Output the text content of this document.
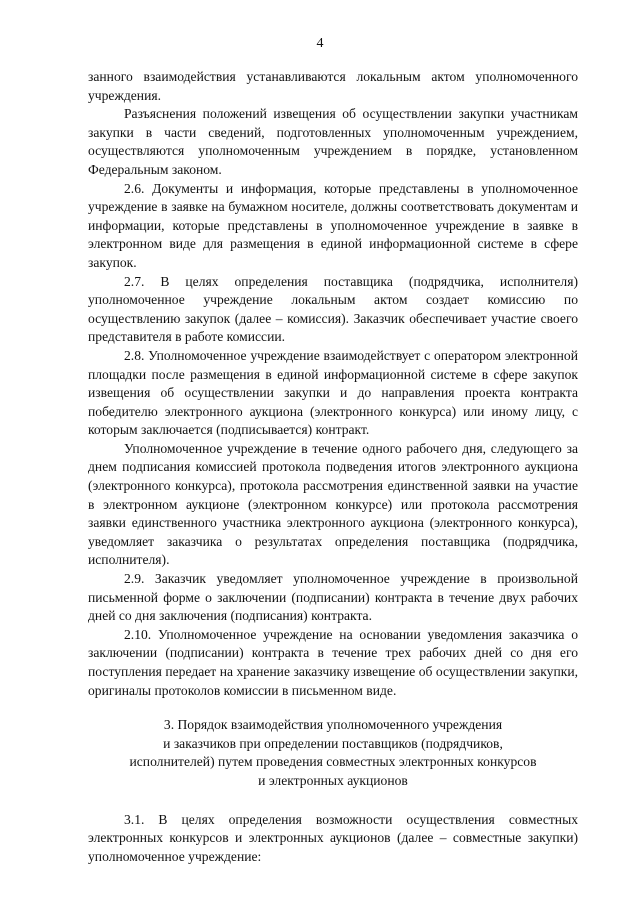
4

занного взаимодействия устанавливаются локальным актом уполномоченного учреждения.

Разъяснения положений извещения об осуществлении закупки участникам закупки в части сведений, подготовленных уполномоченным учреждением, осуществляются уполномоченным учреждением в порядке, установленном Федеральным законом.

2.6. Документы и информация, которые представлены в уполномоченное учреждение в заявке на бумажном носителе, должны соответствовать документам и информации, которые представлены в уполномоченное учреждение в заявке в электронном виде для размещения в единой информационной системе в сфере закупок.

2.7. В целях определения поставщика (подрядчика, исполнителя) уполномоченное учреждение локальным актом создает комиссию по осуществлению закупок (далее – комиссия). Заказчик обеспечивает участие своего представителя в работе комиссии.

2.8. Уполномоченное учреждение взаимодействует с оператором электронной площадки после размещения в единой информационной системе в сфере закупок извещения об осуществлении закупки и до направления проекта контракта победителю электронного аукциона (электронного конкурса) или иному лицу, с которым заключается (подписывается) контракт.

Уполномоченное учреждение в течение одного рабочего дня, следующего за днем подписания комиссией протокола подведения итогов электронного аукциона (электронного конкурса), протокола рассмотрения единственной заявки на участие в электронном аукционе (электронном конкурсе) или протокола рассмотрения заявки единственного участника электронного аукциона (электронного конкурса), уведомляет заказчика о результатах определения поставщика (подрядчика, исполнителя).

2.9. Заказчик уведомляет уполномоченное учреждение в произвольной письменной форме о заключении (подписании) контракта в течение двух рабочих дней со дня заключения (подписания) контракта.

2.10. Уполномоченное учреждение на основании уведомления заказчика о заключении (подписании) контракта в течение трех рабочих дней со дня его поступления передает на хранение заказчику извещение об осуществлении закупки, оригиналы протоколов комиссии в письменном виде.

3. Порядок взаимодействия уполномоченного учреждения
и заказчиков при определении поставщиков (подрядчиков,
исполнителей) путем проведения совместных электронных конкурсов
и электронных аукционов

3.1. В целях определения возможности осуществления совместных электронных конкурсов и электронных аукционов (далее – совместные закупки) уполномоченное учреждение:
